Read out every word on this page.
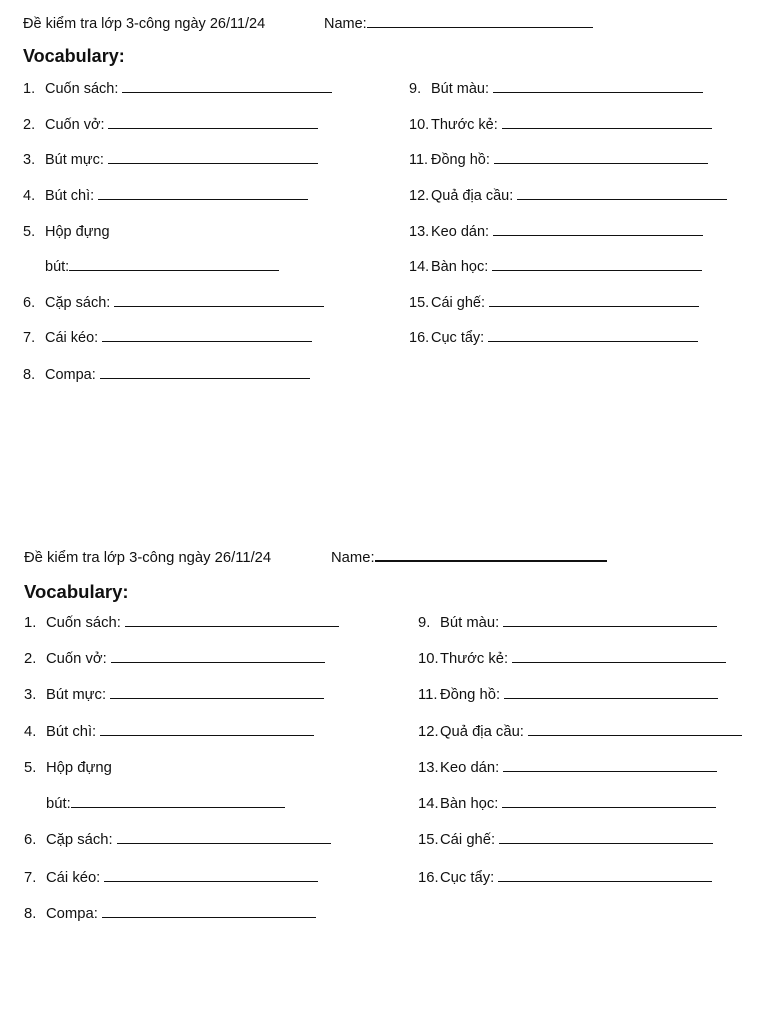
Đề kiểm tra lớp 3-công ngày 26/11/24	Name:
Vocabulary:
1. Cuốn sách:
2. Cuốn vở:
3. Bút mực:
4. Bút chì:
5. Hộp đựng
bút:
6. Cặp sách:
7. Cái kéo:
8. Compa:
9. Bút màu:
10. Thước kẻ:
11. Đồng hồ:
12. Quả địa cầu:
13. Keo dán:
14. Bàn học:
15. Cái ghế:
16. Cục tẩy:
Đề kiểm tra lớp 3-công ngày 26/11/24	Name:
Vocabulary:
1. Cuốn sách:
2. Cuốn vở:
3. Bút mực:
4. Bút chì:
5. Hộp đựng
bút:
6. Cặp sách:
7. Cái kéo:
8. Compa:
9. Bút màu:
10.Thước kẻ:
11. Đồng hồ:
12.Quả địa cầu:
13.Keo dán:
14.Bàn học:
15.Cái ghế:
16.Cục tẩy:
